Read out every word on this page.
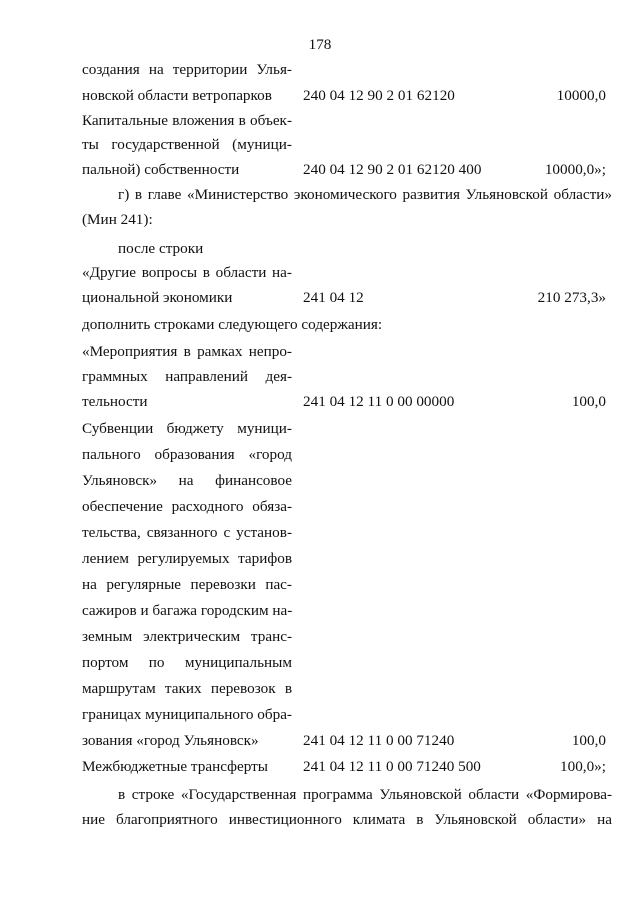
178
создания на территории Улья-
новской области ветропарков 240 04 12 90 2 01 62120	10000,0
Капитальные вложения в объек-
ты государственной (муници-
пальной) собственности	240 04 12 90 2 01 62120 400	10000,0»;
г) в главе «Министерство экономического развития Ульяновской области»
(Мин 241):
после строки
«Другие вопросы в области на-
циональной экономики	241 04 12	210 273,3»
дополнить строками следующего содержания:
«Мероприятия в рамках непро-
граммных направлений дея-
тельности	241 04 12 11 0 00 00000	100,0
Субвенции бюджету муници-
пального образования «город
Ульяновск» на финансовое
обеспечение расходного обяза-
тельства, связанного с установ-
лением регулируемых тарифов
на регулярные перевозки пас-
сажиров и багажа городским на-
земным электрическим транс-
портом по муниципальным
маршрутам таких перевозок в
границах муниципального обра-
зования «город Ульяновск»	241 04 12 11 0 00 71240	100,0
Межбюджетные трансферты 241 04 12 11 0 00 71240 500	100,0»;
в строке «Государственная программа Ульяновской области «Формирова-
ние благоприятного инвестиционного климата в Ульяновской области» на
